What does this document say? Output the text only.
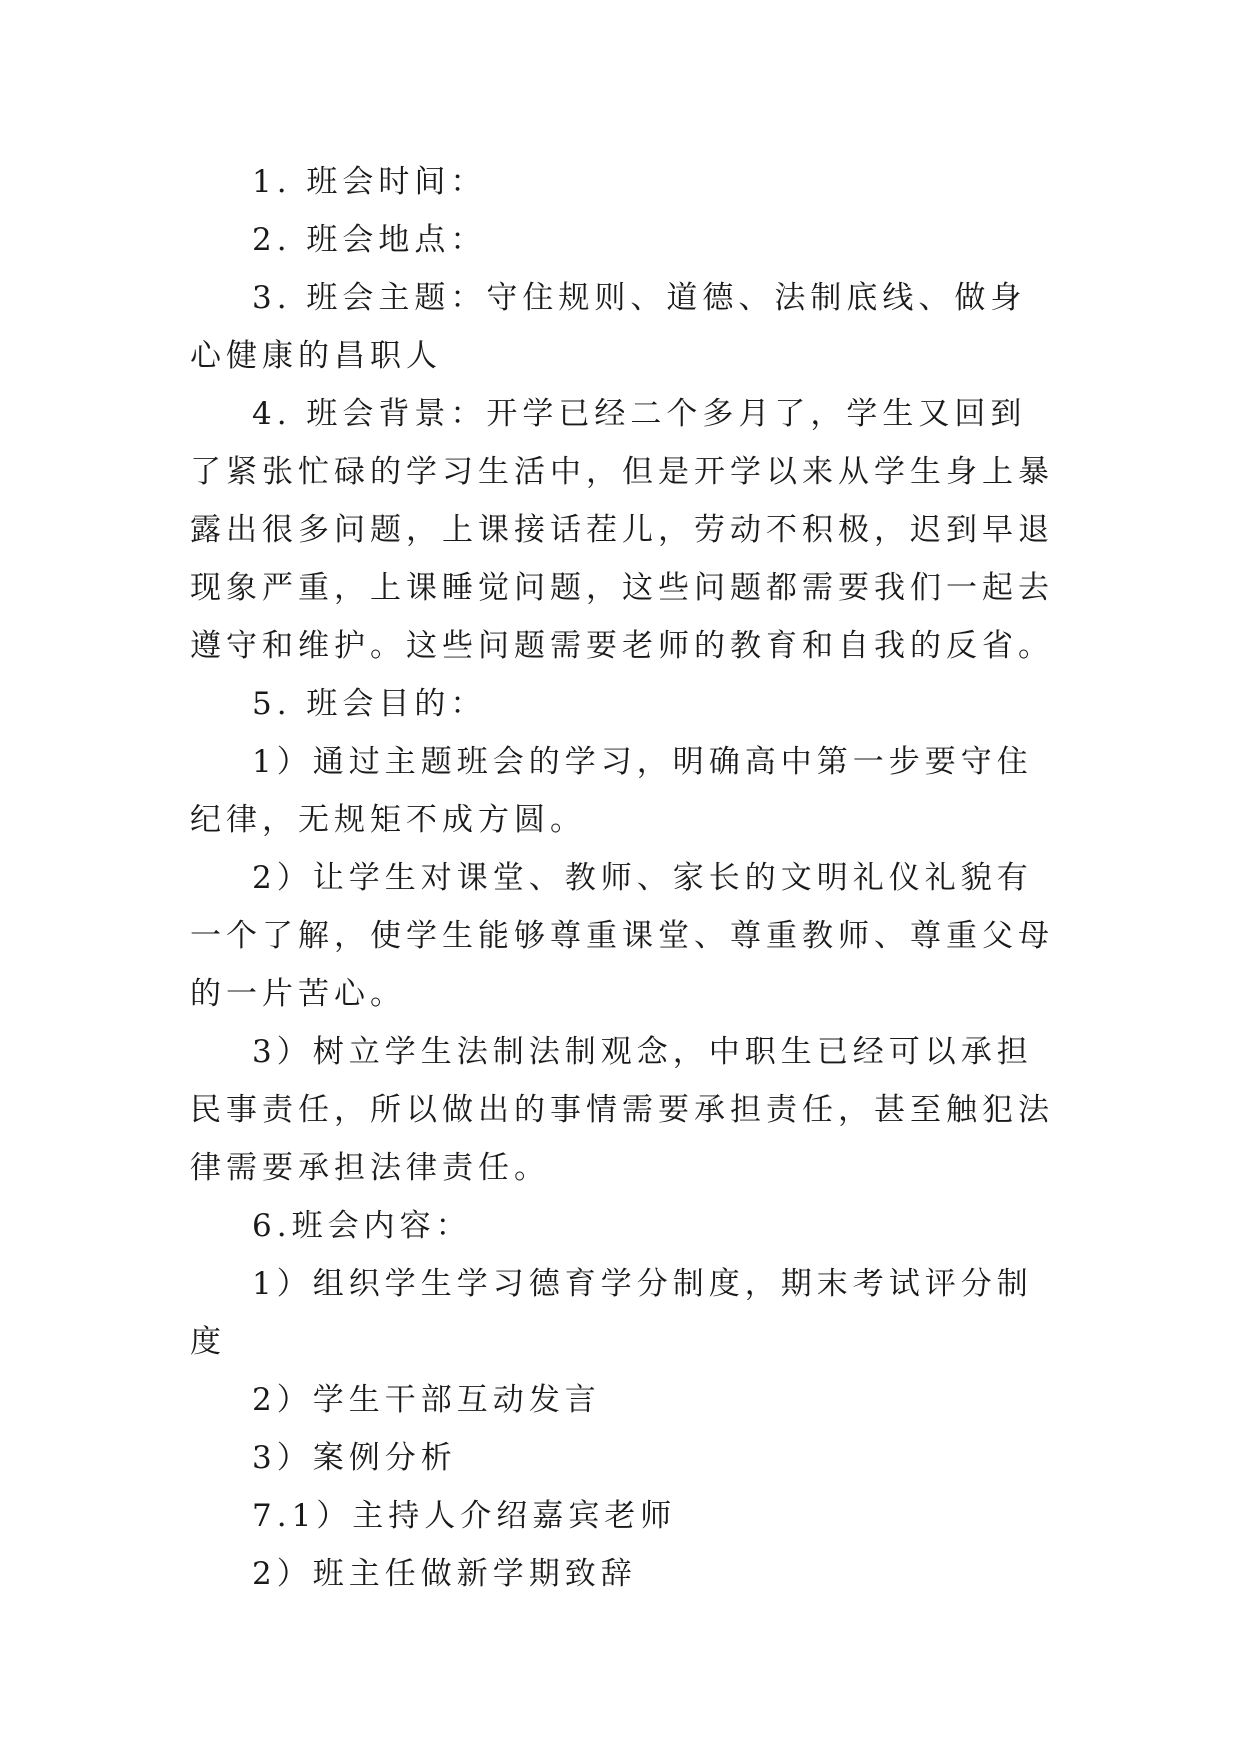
1. 班会时间：

2. 班会地点：

3. 班会主题：守住规则、道德、法制底线、做身心健康的昌职人

4. 班会背景：开学已经二个多月了，学生又回到了紧张忙碌的学习生活中，但是开学以来从学生身上暴露出很多问题，上课接话茬儿，劳动不积极，迟到早退现象严重，上课睡觉问题，这些问题都需要我们一起去遵守和维护。这些问题需要老师的教育和自我的反省。

5. 班会目的：

1）通过主题班会的学习，明确高中第一步要守住纪律，无规矩不成方圆。

2）让学生对课堂、教师、家长的文明礼仪礼貌有一个了解，使学生能够尊重课堂、尊重教师、尊重父母的一片苦心。

3）树立学生法制法制观念，中职生已经可以承担民事责任，所以做出的事情需要承担责任，甚至触犯法律需要承担法律责任。

6.班会内容：

1）组织学生学习德育学分制度，期末考试评分制度

2）学生干部互动发言

3）案例分析

7.1）主持人介绍嘉宾老师

2）班主任做新学期致辞
